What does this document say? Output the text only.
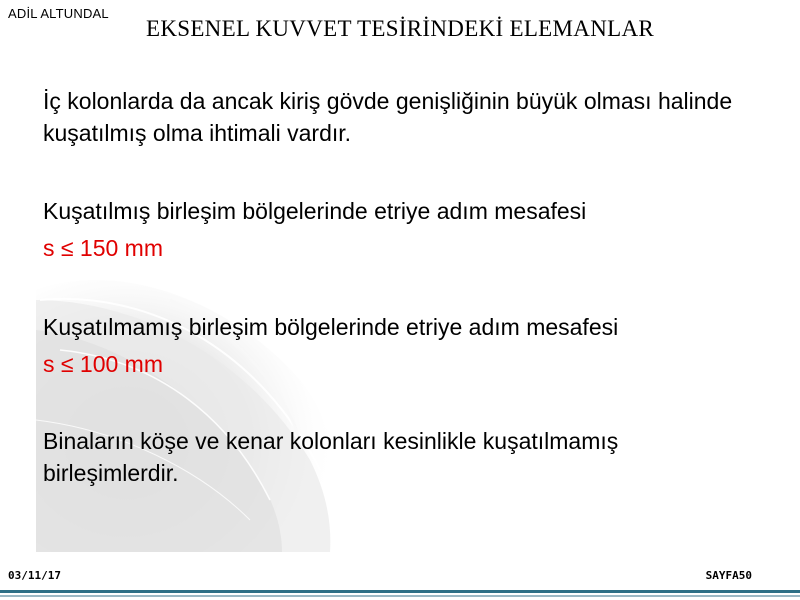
ADİL ALTUNDAL
EKSENEL KUVVET TESİRİNDEKİ ELEMANLAR

İç kolonlarda da ancak kiriş gövde genişliğinin büyük olması halinde kuşatılmış olma ihtimali vardır.

Kuşatılmış birleşim bölgelerinde etriye adım mesafesi

s ≤ 150 mm

Kuşatılmamış birleşim bölgelerinde etriye adım mesafesi

s ≤ 100 mm

Binaların köşe ve kenar kolonları kesinlikle kuşatılmamış birleşimlerdir.

03/11/17	SAYFA50
